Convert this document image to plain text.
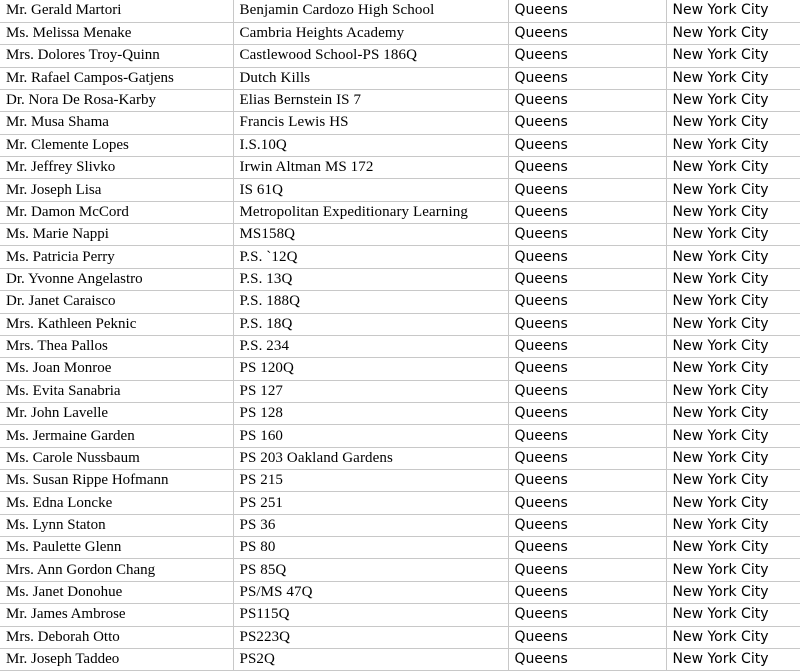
Mr. Gerald Martori	Benjamin Cardozo High School	Queens	New York City
Ms. Melissa Menake	Cambria Heights Academy	Queens	New York City
Mrs. Dolores Troy-Quinn	Castlewood School-PS 186Q	Queens	New York City
Mr. Rafael Campos-Gatjens	Dutch Kills	Queens	New York City
Dr. Nora De Rosa-Karby	Elias Bernstein IS 7	Queens	New York City
Mr. Musa Shama	Francis Lewis HS	Queens	New York City
Mr. Clemente Lopes	I.S.10Q	Queens	New York City
Mr. Jeffrey Slivko	Irwin Altman MS 172	Queens	New York City
Mr. Joseph Lisa	IS 61Q	Queens	New York City
Mr. Damon McCord	Metropolitan Expeditionary Learning	Queens	New York City
Ms. Marie Nappi	MS158Q	Queens	New York City
Ms. Patricia Perry	P.S. `12Q	Queens	New York City
Dr. Yvonne Angelastro	P.S. 13Q	Queens	New York City
Dr. Janet Caraisco	P.S. 188Q	Queens	New York City
Mrs. Kathleen Peknic	P.S. 18Q	Queens	New York City
Mrs. Thea Pallos	P.S. 234	Queens	New York City
Ms. Joan Monroe	PS 120Q	Queens	New York City
Ms. Evita Sanabria	PS 127	Queens	New York City
Mr. John Lavelle	PS 128	Queens	New York City
Ms. Jermaine Garden	PS 160	Queens	New York City
Ms. Carole Nussbaum	PS 203 Oakland Gardens	Queens	New York City
Ms. Susan Rippe Hofmann	PS 215	Queens	New York City
Ms. Edna Loncke	PS 251	Queens	New York City
Ms. Lynn Staton	PS 36	Queens	New York City
Ms. Paulette Glenn	PS 80	Queens	New York City
Mrs. Ann Gordon Chang	PS 85Q	Queens	New York City
Ms. Janet Donohue	PS/MS 47Q	Queens	New York City
Mr. James Ambrose	PS115Q	Queens	New York City
Mrs. Deborah Otto	PS223Q	Queens	New York City
Mr. Joseph Taddeo	PS2Q	Queens	New York City
